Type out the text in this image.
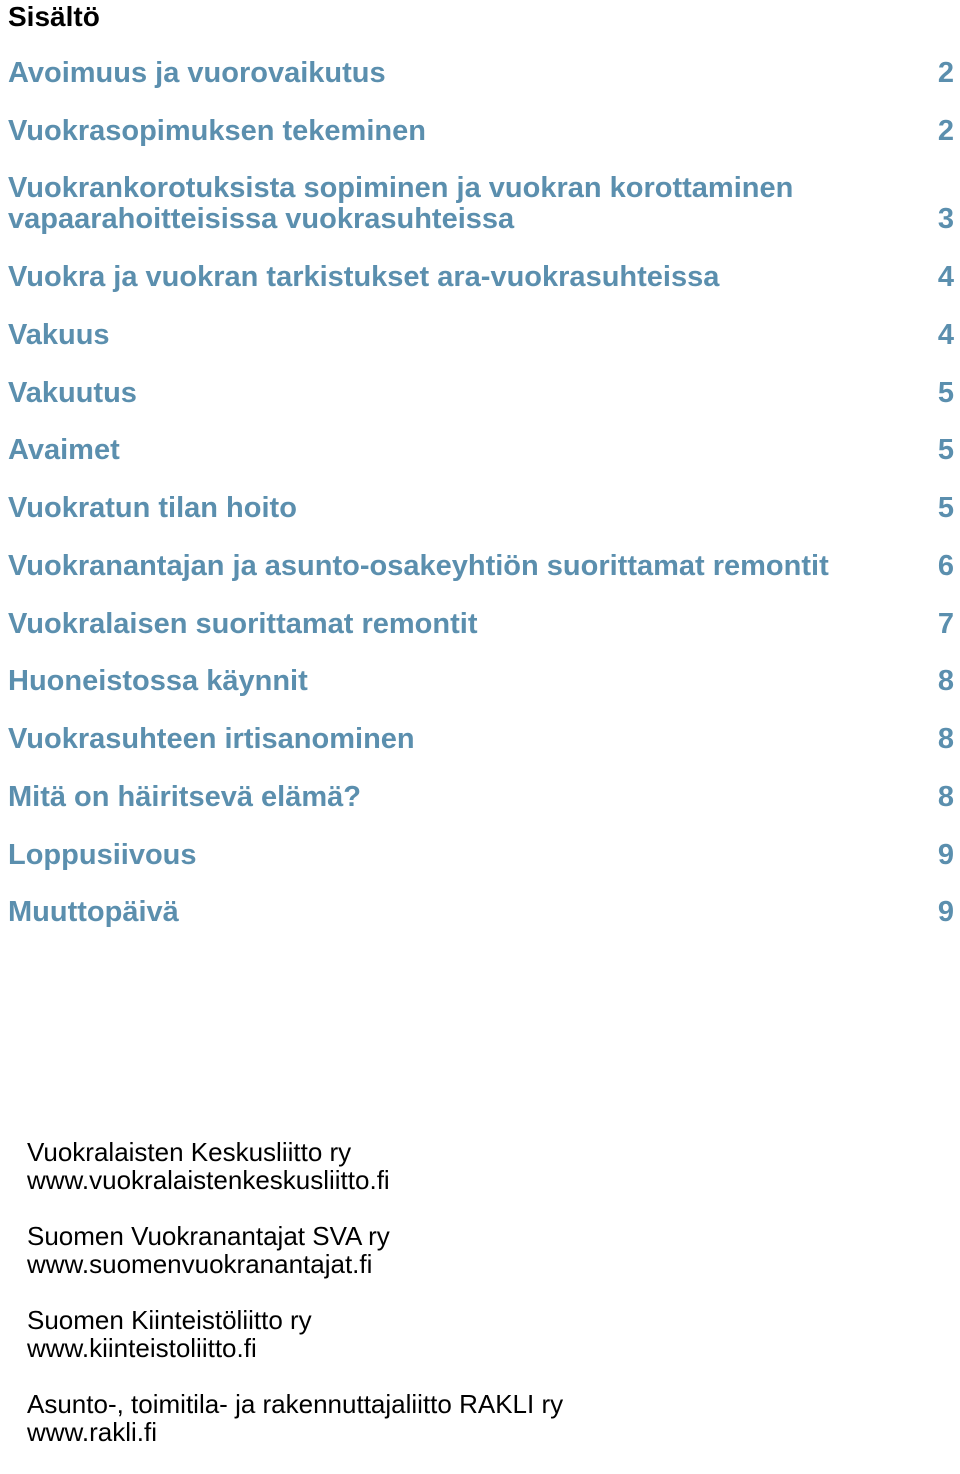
Sisältö
Avoimuus ja vuorovaikutus	2
Vuokrasopimuksen tekeminen	2
Vuokrankorotuksista sopiminen ja vuokran korottaminen
vapaarahoitteisissa vuokrasuhteissa	3
Vuokra ja vuokran tarkistukset ara-vuokrasuhteissa	4
Vakuus	4
Vakuutus	5
Avaimet	5
Vuokratun tilan hoito	5
Vuokranantajan ja asunto-osakeyhtiön suorittamat remontit	6
Vuokralaisen suorittamat remontit	7
Huoneistossa käynnit	8
Vuokrasuhteen irtisanominen	8
Mitä on häiritsevä elämä?	8
Loppusiivous	9
Muuttopäivä	9
Vuokralaisten Keskusliitto ry
www.vuokralaistenkeskusliitto.fi
Suomen Vuokranantajat SVA ry
www.suomenvuokranantajat.fi
Suomen Kiinteistöliitto ry
www.kiinteistoliitto.fi
Asunto-, toimitila- ja rakennuttajaliitto RAKLI ry
www.rakli.fi
